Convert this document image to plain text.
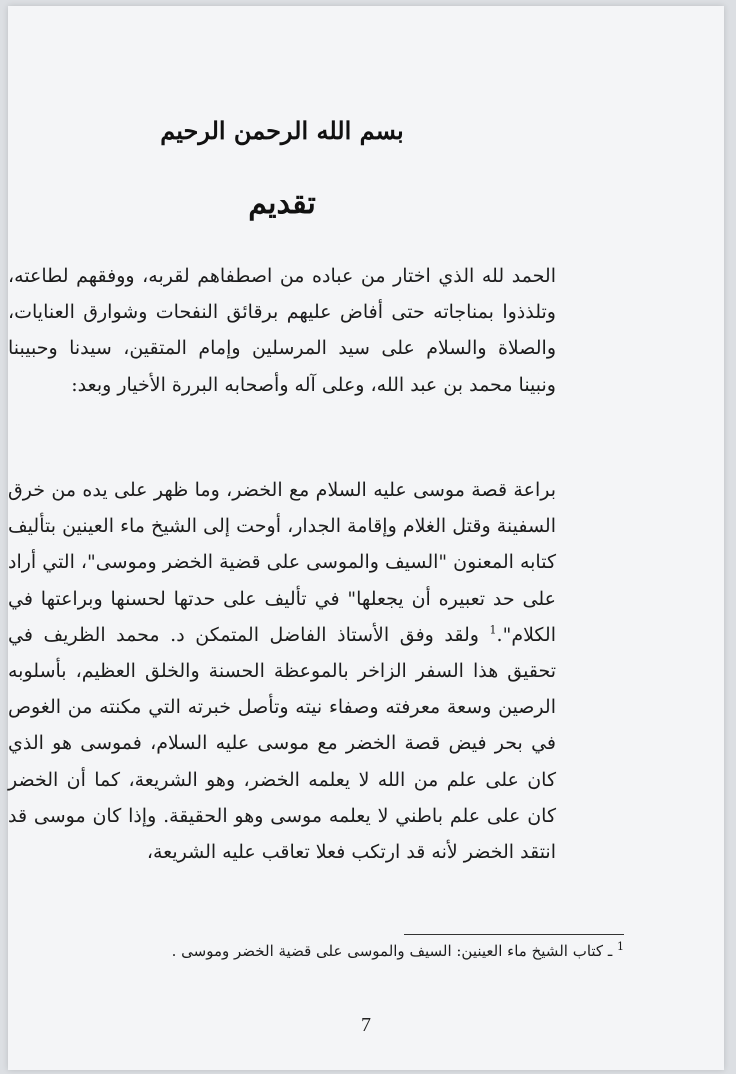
بسم الله الرحمن الرحيم
تقديم

الحمد لله الذي اختار من عباده من اصطفاهم لقربه، ووفقهم لطاعته، وتلذذوا بمناجاته حتى أفاض عليهم برقائق النفحات وشوارق العنايات، والصلاة والسلام على سيد المرسلين وإمام المتقين، سيدنا وحبيبنا ونبينا محمد بن عبد الله، وعلى آله وأصحابه البررة الأخيار وبعد:

براعة قصة موسى عليه السلام مع الخضر، وما ظهر على يده من خرق السفينة وقتل الغلام وإقامة الجدار، أوحت إلى الشيخ ماء العينين بتأليف كتابه المعنون "السيف والموسى على قضية الخضر وموسى"، التي أراد على حد تعبيره أن يجعلها" في تأليف على حدتها لحسنها وبراعتها في الكلام".$^1$ ولقد وفق الأستاذ الفاضل المتمكن د. محمد الظريف في تحقيق هذا السفر الزاخر بالموعظة الحسنة والخلق العظيم، بأسلوبه الرصين وسعة معرفته وصفاء نيته وتأصل خبرته التي مكنته من الغوص في بحر فيض قصة الخضر مع موسى عليه السلام، فموسى هو الذي كان على علم من الله لا يعلمه الخضر، وهو الشريعة، كما أن الخضر كان على علم باطني لا يعلمه موسى وهو الحقيقة. وإذا كان موسى قد انتقد الخضر لأنه قد ارتكب فعلا تعاقب عليه الشريعة،

$^1$ ـ كتاب الشيخ ماء العينين: السيف والموسى على قضية الخضر وموسى .
7
